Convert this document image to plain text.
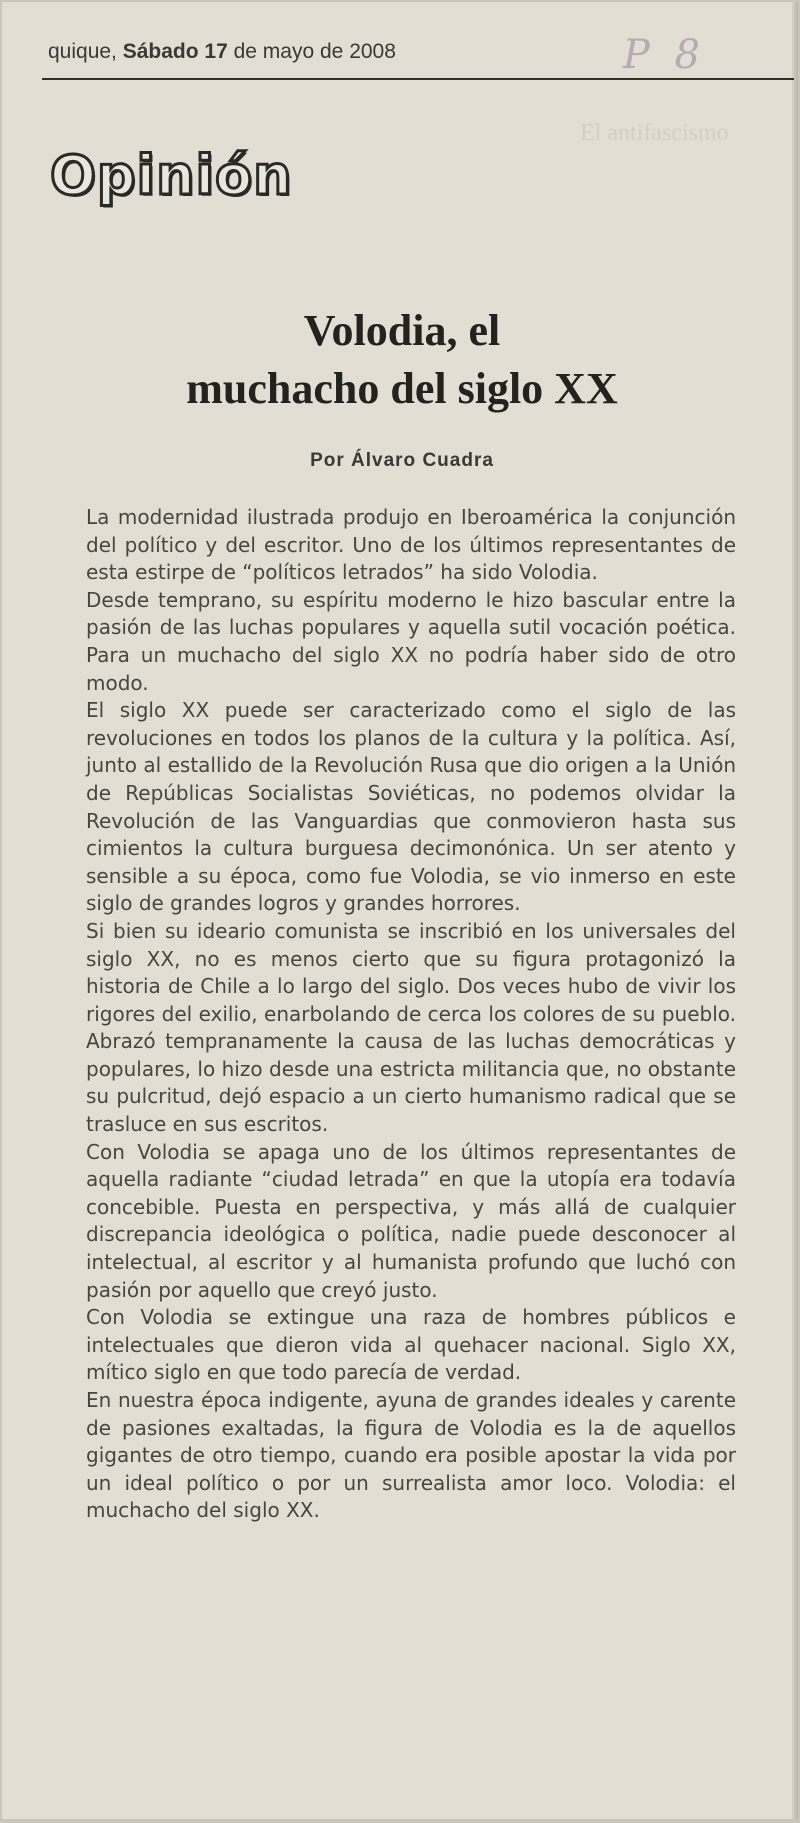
quique, Sábado 17 de mayo de 2008	P 8
El antifascismo
Opinión
Volodia, el
muchacho del siglo XX
Por Álvaro Cuadra

La modernidad ilustrada produjo en Iberoamérica la conjunción del político y del escritor. Uno de los últimos representantes de esta estirpe de “políticos letrados” ha sido Volodia.

Desde temprano, su espíritu moderno le hizo bascular entre la pasión de las luchas populares y aquella sutil vocación poética. Para un muchacho del siglo XX no podría haber sido de otro modo.

El siglo XX puede ser caracterizado como el siglo de las revoluciones en todos los planos de la cultura y la política. Así, junto al estallido de la Revolución Rusa que dio origen a la Unión de Repúblicas Socialistas Soviéticas, no podemos olvidar la Revolución de las Vanguardias que conmovieron hasta sus cimientos la cultura burguesa decimonónica. Un ser atento y sensible a su época, como fue Volodia, se vio inmerso en este siglo de grandes logros y grandes horrores.

Si bien su ideario comunista se inscribió en los universales del siglo XX, no es menos cierto que su figura protagonizó la historia de Chile a lo largo del siglo. Dos veces hubo de vivir los rigores del exilio, enarbolando de cerca los colores de su pueblo. Abrazó tempranamente la causa de las luchas democráticas y populares, lo hizo desde una estricta militancia que, no obstante su pulcritud, dejó espacio a un cierto humanismo radical que se trasluce en sus escritos.

Con Volodia se apaga uno de los últimos representantes de aquella radiante “ciudad letrada” en que la utopía era todavía concebible. Puesta en perspectiva, y más allá de cualquier discrepancia ideológica o política, nadie puede desconocer al intelectual, al escritor y al humanista profundo que luchó con pasión por aquello que creyó justo.

Con Volodia se extingue una raza de hombres públicos e intelectuales que dieron vida al quehacer nacional. Siglo XX, mítico siglo en que todo parecía de verdad.

En nuestra época indigente, ayuna de grandes ideales y carente de pasiones exaltadas, la figura de Volodia es la de aquellos gigantes de otro tiempo, cuando era posible apostar la vida por un ideal político o por un surrealista amor loco. Volodia: el muchacho del siglo XX.
